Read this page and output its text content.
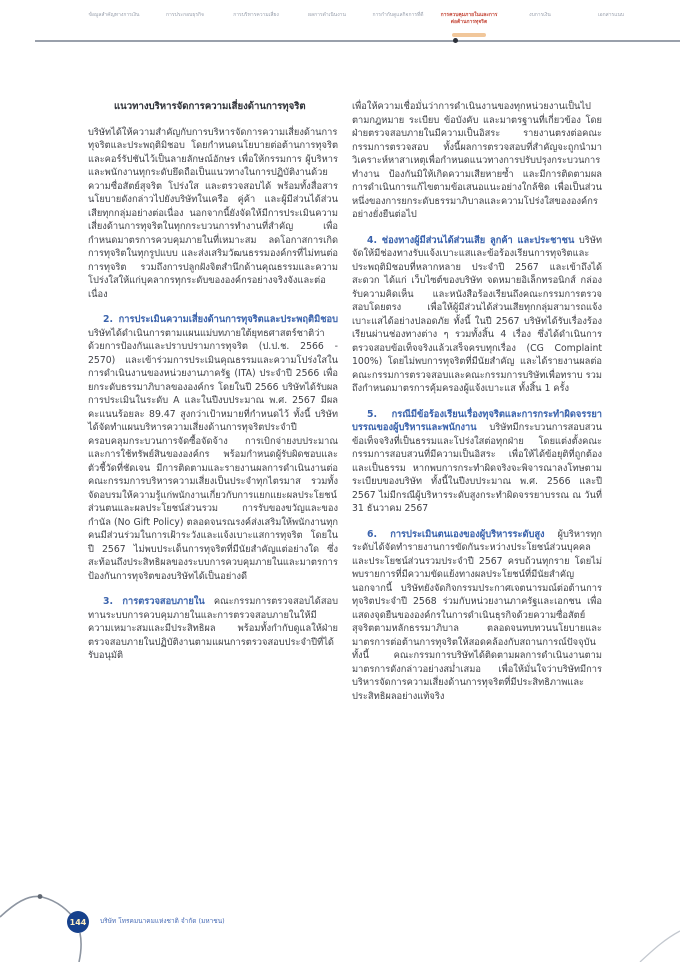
ข้อมูลสำคัญทางการเงิน	การประกอบธุรกิจ	การบริหารความเสี่ยง	ผลการดำเนินงาน	การกำกับดูแลกิจการที่ดี	การควบคุมภายในและการต่อต้านการทุจริต
งบการเงิน	เอกสารแนบ

แนวทางบริหารจัดการความเสี่ยงด้านการทุจริต

บริษัทได้ให้ความสำคัญกับการบริหารจัดการความเสี่ยงด้านการทุจริตและประพฤติมิชอบ โดยกำหนดนโยบายต่อต้านการทุจริตและคอร์รัปชันไว้เป็นลายลักษณ์อักษร เพื่อให้กรรมการ ผู้บริหาร และพนักงานทุกระดับยึดถือเป็นแนวทางในการปฏิบัติงานด้วยความซื่อสัตย์สุจริต โปร่งใส และตรวจสอบได้ พร้อมทั้งสื่อสารนโยบายดังกล่าวไปยังบริษัทในเครือ คู่ค้า และผู้มีส่วนได้ส่วนเสียทุกกลุ่มอย่างต่อเนื่อง นอกจากนี้ยังจัดให้มีการประเมินความเสี่ยงด้านการทุจริตในทุกกระบวนการทำงานที่สำคัญ เพื่อกำหนดมาตรการควบคุมภายในที่เหมาะสม ลดโอกาสการเกิดการทุจริตในทุกรูปแบบ และส่งเสริมวัฒนธรรมองค์กรที่ไม่ทนต่อการทุจริต รวมถึงการปลูกฝังจิตสำนึกด้านคุณธรรมและความโปร่งใสให้แก่บุคลากรทุกระดับขององค์กรอย่างจริงจังและต่อเนื่อง

2. การประเมินความเสี่ยงด้านการทุจริตและประพฤติมิชอบ บริษัทได้ดำเนินการตามแผนแม่บทภายใต้ยุทธศาสตร์ชาติว่าด้วยการป้องกันและปราบปรามการทุจริต (ป.ป.ช. 2566 - 2570) และเข้าร่วมการประเมินคุณธรรมและความโปร่งใสในการดำเนินงานของหน่วยงานภาครัฐ (ITA) ประจำปี 2566 เพื่อยกระดับธรรมาภิบาลขององค์กร โดยในปี 2566 บริษัทได้รับผลการประเมินในระดับ A และในปีงบประมาณ พ.ศ. 2567 มีผลคะแนนร้อยละ 89.47 สูงกว่าเป้าหมายที่กำหนดไว้ ทั้งนี้ บริษัทได้จัดทำแผนบริหารความเสี่ยงด้านการทุจริตประจำปี ครอบคลุมกระบวนการจัดซื้อจัดจ้าง การเบิกจ่ายงบประมาณ และการใช้ทรัพย์สินขององค์กร พร้อมกำหนดผู้รับผิดชอบและตัวชี้วัดที่ชัดเจน มีการติดตามและรายงานผลการดำเนินงานต่อคณะกรรมการบริหารความเสี่ยงเป็นประจำทุกไตรมาส รวมทั้งจัดอบรมให้ความรู้แก่พนักงานเกี่ยวกับการแยกแยะผลประโยชน์ส่วนตนและผลประโยชน์ส่วนรวม การรับของขวัญและของกำนัล (No Gift Policy) ตลอดจนรณรงค์ส่งเสริมให้พนักงานทุกคนมีส่วนร่วมในการเฝ้าระวังและแจ้งเบาะแสการทุจริต โดยในปี 2567 ไม่พบประเด็นการทุจริตที่มีนัยสำคัญแต่อย่างใด ซึ่งสะท้อนถึงประสิทธิผลของระบบการควบคุมภายในและมาตรการป้องกันการทุจริตของบริษัทได้เป็นอย่างดี

3. การตรวจสอบภายใน คณะกรรมการตรวจสอบได้สอบทานระบบการควบคุมภายในและการตรวจสอบภายในให้มีความเหมาะสมและมีประสิทธิผล พร้อมทั้งกำกับดูแลให้ฝ่ายตรวจสอบภายในปฏิบัติงานตามแผนการตรวจสอบประจำปีที่ได้รับอนุมัติ

เพื่อให้ความเชื่อมั่นว่าการดำเนินงานของทุกหน่วยงานเป็นไปตามกฎหมาย ระเบียบ ข้อบังคับ และมาตรฐานที่เกี่ยวข้อง โดยฝ่ายตรวจสอบภายในมีความเป็นอิสระ รายงานตรงต่อคณะกรรมการตรวจสอบ ทั้งนี้ผลการตรวจสอบที่สำคัญจะถูกนำมาวิเคราะห์หาสาเหตุเพื่อกำหนดแนวทางการปรับปรุงกระบวนการทำงาน ป้องกันมิให้เกิดความเสียหายซ้ำ และมีการติดตามผลการดำเนินการแก้ไขตามข้อเสนอแนะอย่างใกล้ชิด เพื่อเป็นส่วนหนึ่งของการยกระดับธรรมาภิบาลและความโปร่งใสขององค์กรอย่างยั่งยืนต่อไป

4. ช่องทางผู้มีส่วนได้ส่วนเสีย ลูกค้า และประชาชน บริษัทจัดให้มีช่องทางรับแจ้งเบาะแสและข้อร้องเรียนการทุจริตและประพฤติมิชอบที่หลากหลาย ประจำปี 2567 และเข้าถึงได้สะดวก ได้แก่ เว็บไซต์ของบริษัท จดหมายอิเล็กทรอนิกส์ กล่องรับความคิดเห็น และหนังสือร้องเรียนถึงคณะกรรมการตรวจสอบโดยตรง เพื่อให้ผู้มีส่วนได้ส่วนเสียทุกกลุ่มสามารถแจ้งเบาะแสได้อย่างปลอดภัย ทั้งนี้ ในปี 2567 บริษัทได้รับเรื่องร้องเรียนผ่านช่องทางต่าง ๆ รวมทั้งสิ้น 4 เรื่อง ซึ่งได้ดำเนินการตรวจสอบข้อเท็จจริงแล้วเสร็จครบทุกเรื่อง (CG Complaint 100%) โดยไม่พบการทุจริตที่มีนัยสำคัญ และได้รายงานผลต่อคณะกรรมการตรวจสอบและคณะกรรมการบริษัทเพื่อทราบ รวมถึงกำหนดมาตรการคุ้มครองผู้แจ้งเบาะแส ทั้งสิ้น 1 ครั้ง

5. กรณีมีข้อร้องเรียนเรื่องทุจริตและการกระทำผิดจรรยาบรรณของผู้บริหารและพนักงาน บริษัทมีกระบวนการสอบสวนข้อเท็จจริงที่เป็นธรรมและโปร่งใสต่อทุกฝ่าย โดยแต่งตั้งคณะกรรมการสอบสวนที่มีความเป็นอิสระ เพื่อให้ได้ข้อยุติที่ถูกต้องและเป็นธรรม หากพบการกระทำผิดจริงจะพิจารณาลงโทษตามระเบียบของบริษัท ทั้งนี้ในปีงบประมาณ พ.ศ. 2566 และปี 2567 ไม่มีกรณีผู้บริหารระดับสูงกระทำผิดจรรยาบรรณ ณ วันที่ 31 ธันวาคม 2567

6. การประเมินตนเองของผู้บริหารระดับสูง ผู้บริหารทุกระดับได้จัดทำรายงานการขัดกันระหว่างประโยชน์ส่วนบุคคลและประโยชน์ส่วนรวมประจำปี 2567 ครบถ้วนทุกราย โดยไม่พบรายการที่มีความขัดแย้งทางผลประโยชน์ที่มีนัยสำคัญ นอกจากนี้ บริษัทยังจัดกิจกรรมประกาศเจตนารมณ์ต่อต้านการทุจริตประจำปี 2568 ร่วมกับหน่วยงานภาครัฐและเอกชน เพื่อแสดงจุดยืนขององค์กรในการดำเนินธุรกิจด้วยความซื่อสัตย์สุจริตตามหลักธรรมาภิบาล ตลอดจนทบทวนนโยบายและมาตรการต่อต้านการทุจริตให้สอดคล้องกับสถานการณ์ปัจจุบัน ทั้งนี้ คณะกรรมการบริษัทได้ติดตามผลการดำเนินงานตามมาตรการดังกล่าวอย่างสม่ำเสมอ เพื่อให้มั่นใจว่าบริษัทมีการบริหารจัดการความเสี่ยงด้านการทุจริตที่มีประสิทธิภาพและประสิทธิผลอย่างแท้จริง

144	บริษัท โทรคมนาคมแห่งชาติ จำกัด (มหาชน)
